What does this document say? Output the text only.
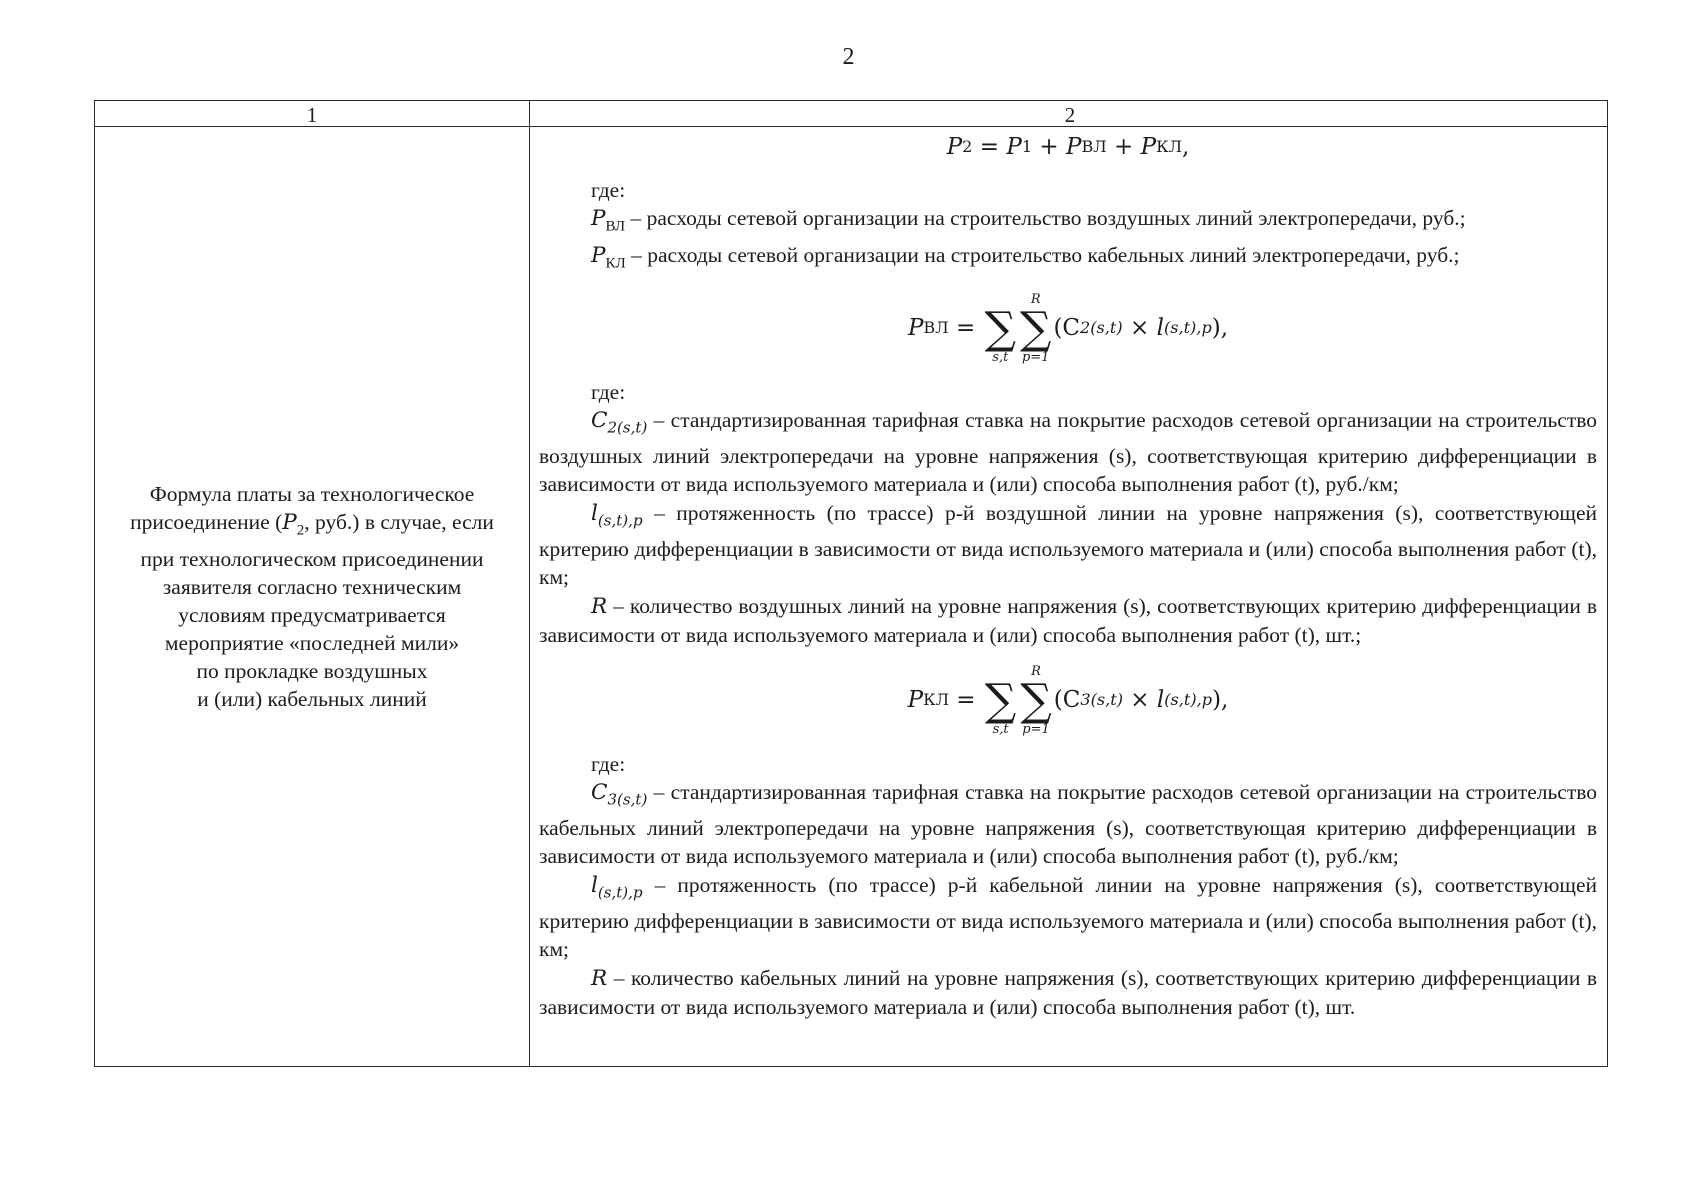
2
1	2
Формула платы за технологическое
присоединение ($P_2$, руб.) в случае, если
при технологическом присоединении
заявителя согласно техническим
условиям предусматривается
мероприятие «последней мили»
по прокладке воздушных
и (или) кабельных линий
P 2 = P 1 + P ВЛ + P КЛ ,
где:
$P_{ВЛ}$ – расходы сетевой организации на строительство воздушных линий электропередачи, руб.;
$P_{КЛ}$ – расходы сетевой организации на строительство кабельных линий электропередачи, руб.;
P ВЛ = ∑
s,t
R
∑
p=1
( C 2(s,t) × l (s,t),p ),
где:

$C_{2(s,t)}$ – стандартизированная тарифная ставка на покрытие расходов сетевой организации на строительство воздушных линий электропередачи на уровне напряжения (s), соответствующая критерию дифференциации в зависимости от вида используемого материала и (или) способа выполнения работ (t), руб./км;

$l_{(s,t),p}$ – протяженность (по трассе) p-й воздушной линии на уровне напряжения (s), соответствующей критерию дифференциации в зависимости от вида используемого материала и (или) способа выполнения работ (t), км;

R – количество воздушных линий на уровне напряжения (s), соответствующих критерию дифференциации в зависимости от вида используемого материала и (или) способа выполнения работ (t), шт.;

P КЛ = ∑
s,t
R
∑
p=1
( C 3(s,t) × l (s,t),p ),
где:

$C_{3(s,t)}$ – стандартизированная тарифная ставка на покрытие расходов сетевой организации на строительство кабельных линий электропередачи на уровне напряжения (s), соответствующая критерию дифференциации в зависимости от вида используемого материала и (или) способа выполнения работ (t), руб./км;

$l_{(s,t),p}$ – протяженность (по трассе) p-й кабельной линии на уровне напряжения (s), соответствующей критерию дифференциации в зависимости от вида используемого материала и (или) способа выполнения работ (t), км;

R – количество кабельных линий на уровне напряжения (s), соответствующих критерию дифференциации в зависимости от вида используемого материала и (или) способа выполнения работ (t), шт.
